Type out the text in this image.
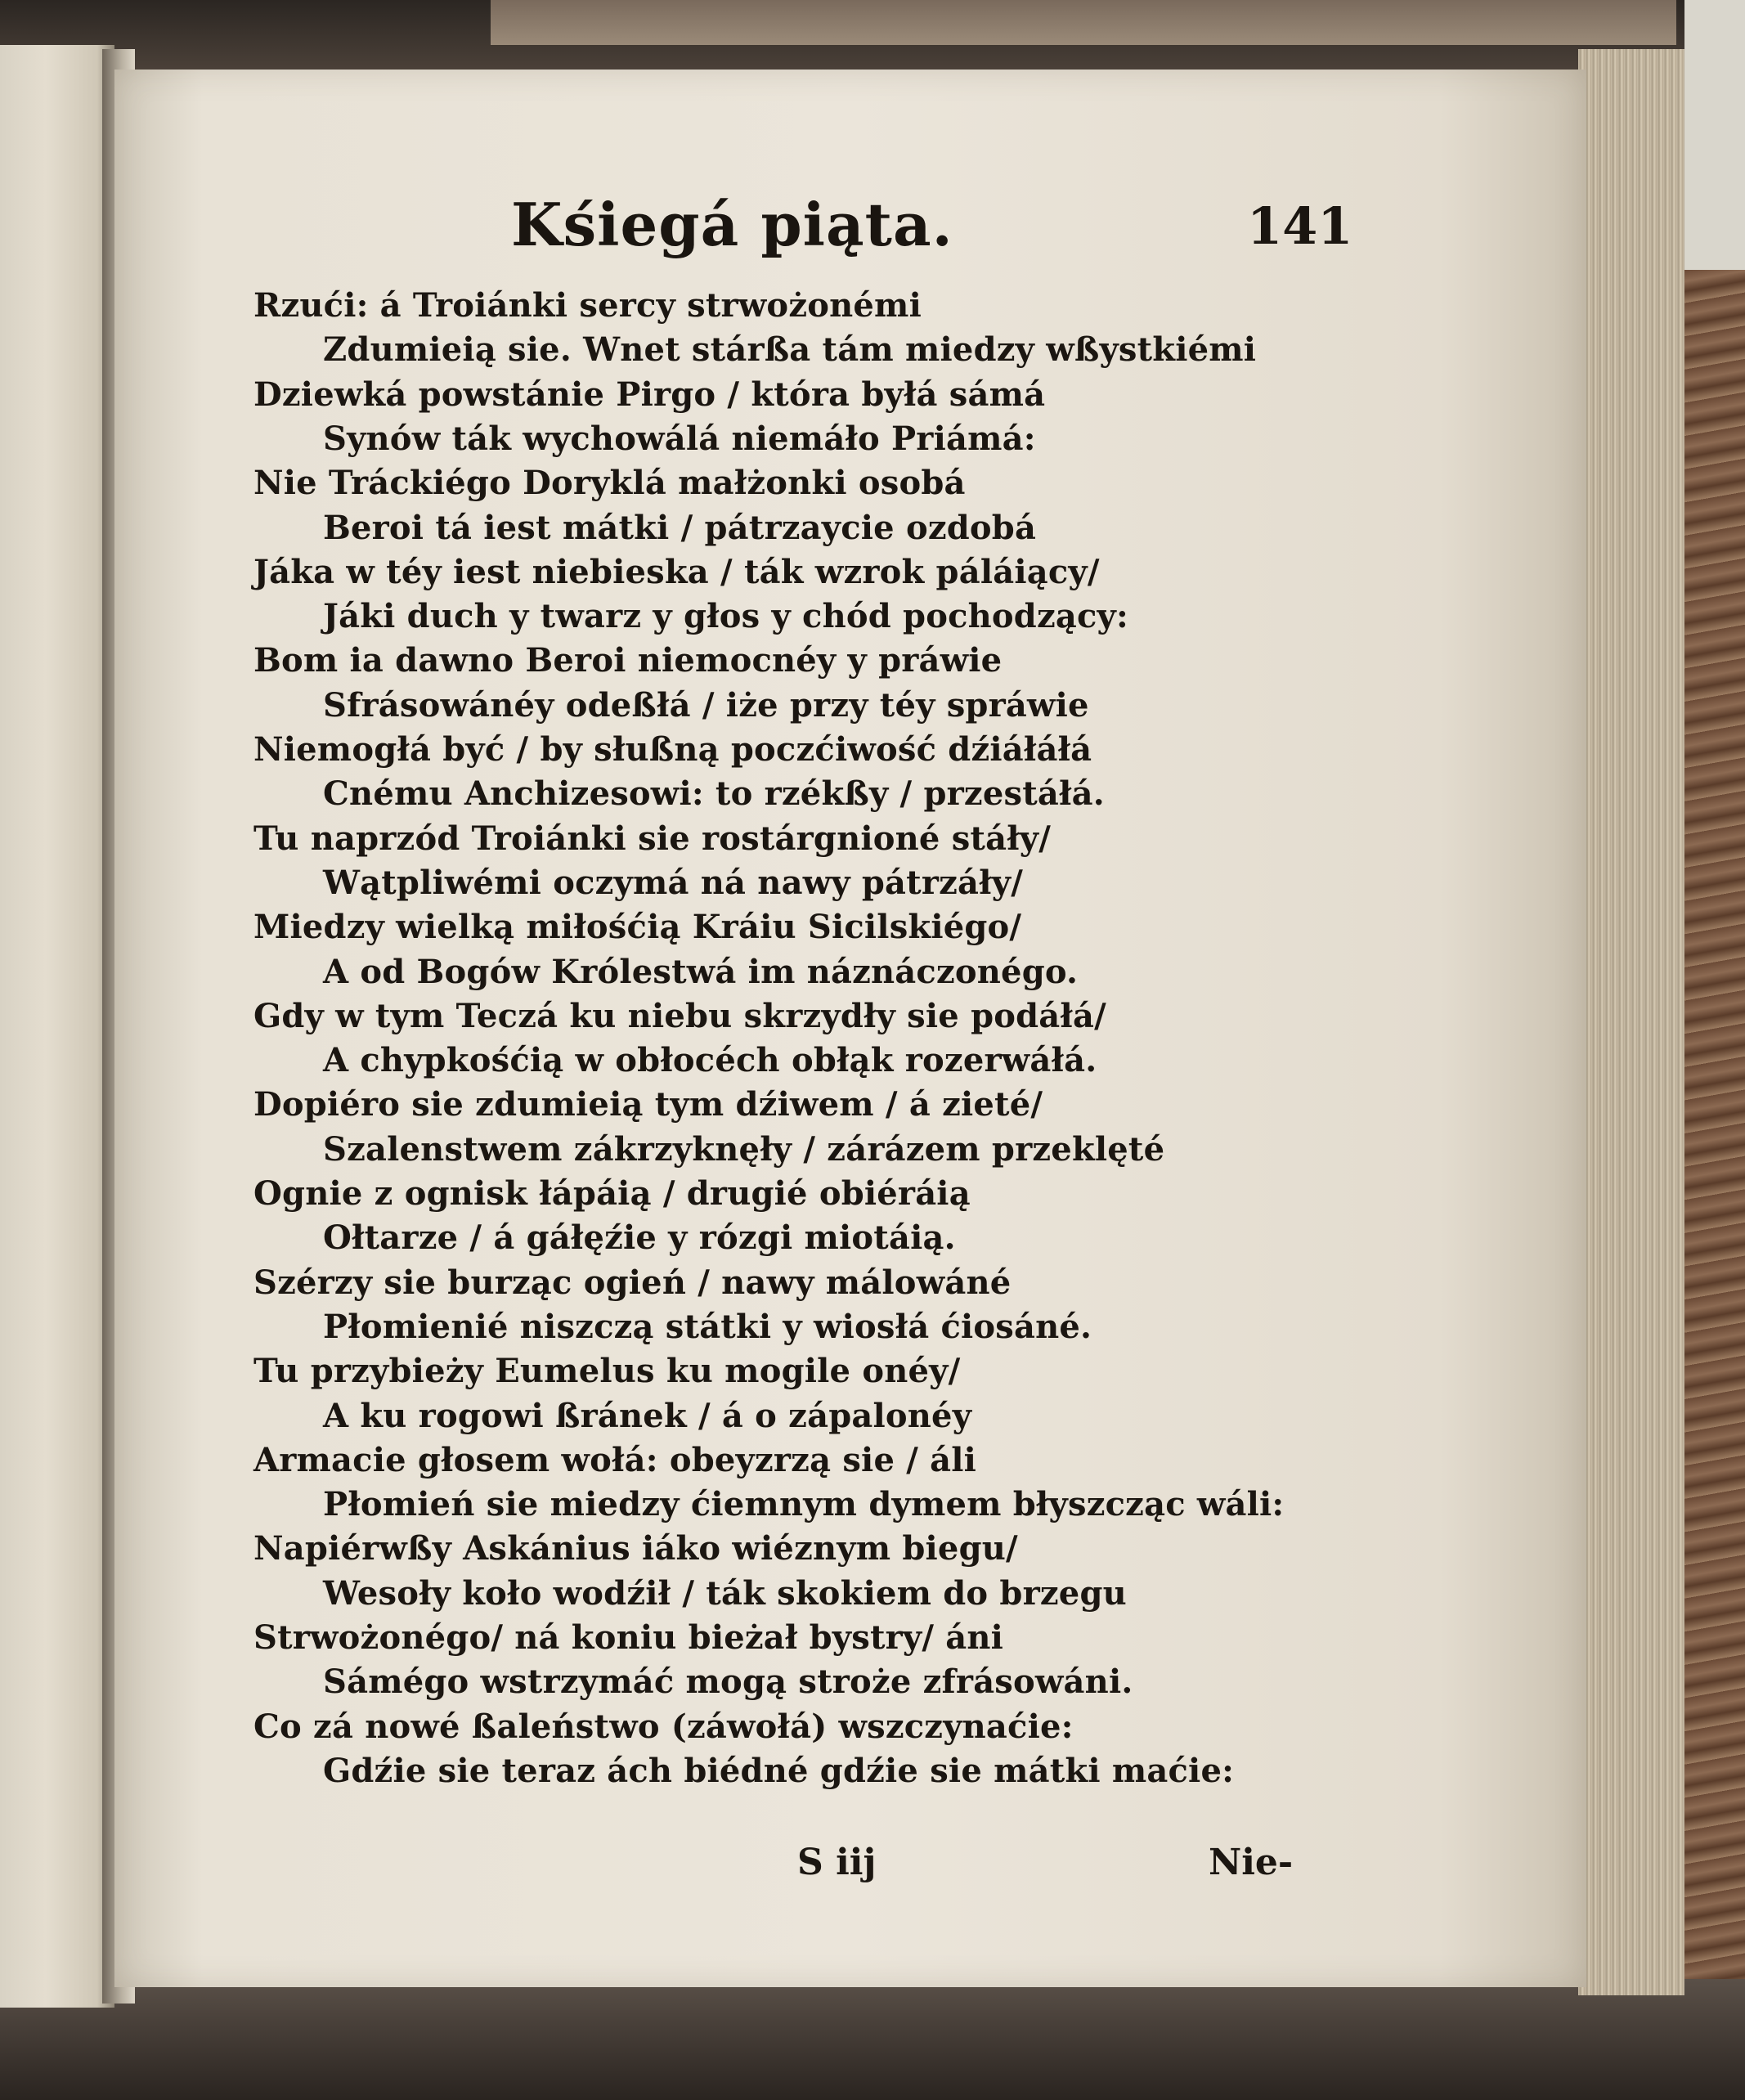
Kśiegá piąta.	141
Rzući: á Troiánki sercy strwożonémi
Zdumieią sie. Wnet stárßa tám miedzy wßystkiémi
Dziewká powstánie Pirgo / która byłá sámá
Synów ták wychowálá niemáło Priámá:
Nie Tráckiégo Doryklá małżonki osobá
Beroi tá iest mátki / pátrzaycie ozdobá
Jáka w téy iest niebieska / ták wzrok páláiący/
Jáki duch y twarz y głos y chód pochodzący:
Bom ia dawno Beroi niemocnéy y práwie
Sfrásowánéy odeßłá / iże przy téy spráwie
Niemogłá być / by słußną poczćiwość dźiáłáłá
Cnému Anchizesowi: to rzékßy / przestáłá.
Tu naprzód Troiánki sie rostárgnioné stáły/
Wątpliwémi oczymá ná nawy pátrzáły/
Miedzy wielką miłośćią Kráiu Sicilskiégo/
A od Bogów Królestwá im náznáczonégo.
Gdy w tym Teczá ku niebu skrzydły sie podáłá/
A chypkośćią w obłocéch obłąk rozerwáłá.
Dopiéro sie zdumieią tym dźiwem / á zieté/
Szalenstwem zákrzyknęły / zárázem przeklęté
Ognie z ognisk łápáią / drugié obiéráią
Ołtarze / á gáłęźie y rózgi miotáią.
Szérzy sie burząc ogień / nawy málowáné
Płomienié niszczą státki y wiosłá ćiosáné.
Tu przybieży Eumelus ku mogile onéy/
A ku rogowi ßránek / á o zápalonéy
Armacie głosem wołá: obeyzrzą sie / áli
Płomień sie miedzy ćiemnym dymem błyszcząc wáli:
Napiérwßy Askánius iáko wiéznym biegu/
Wesoły koło wodźił / ták skokiem do brzegu
Strwożonégo/ ná koniu bieżał bystry/ áni
Sámégo wstrzymáć mogą stroże zfrásowáni.
Co zá nowé ßaleństwo (záwołá) wszczynaćie:
Gdźie sie teraz ách biédné gdźie sie mátki maćie:
S iij	Nie-
